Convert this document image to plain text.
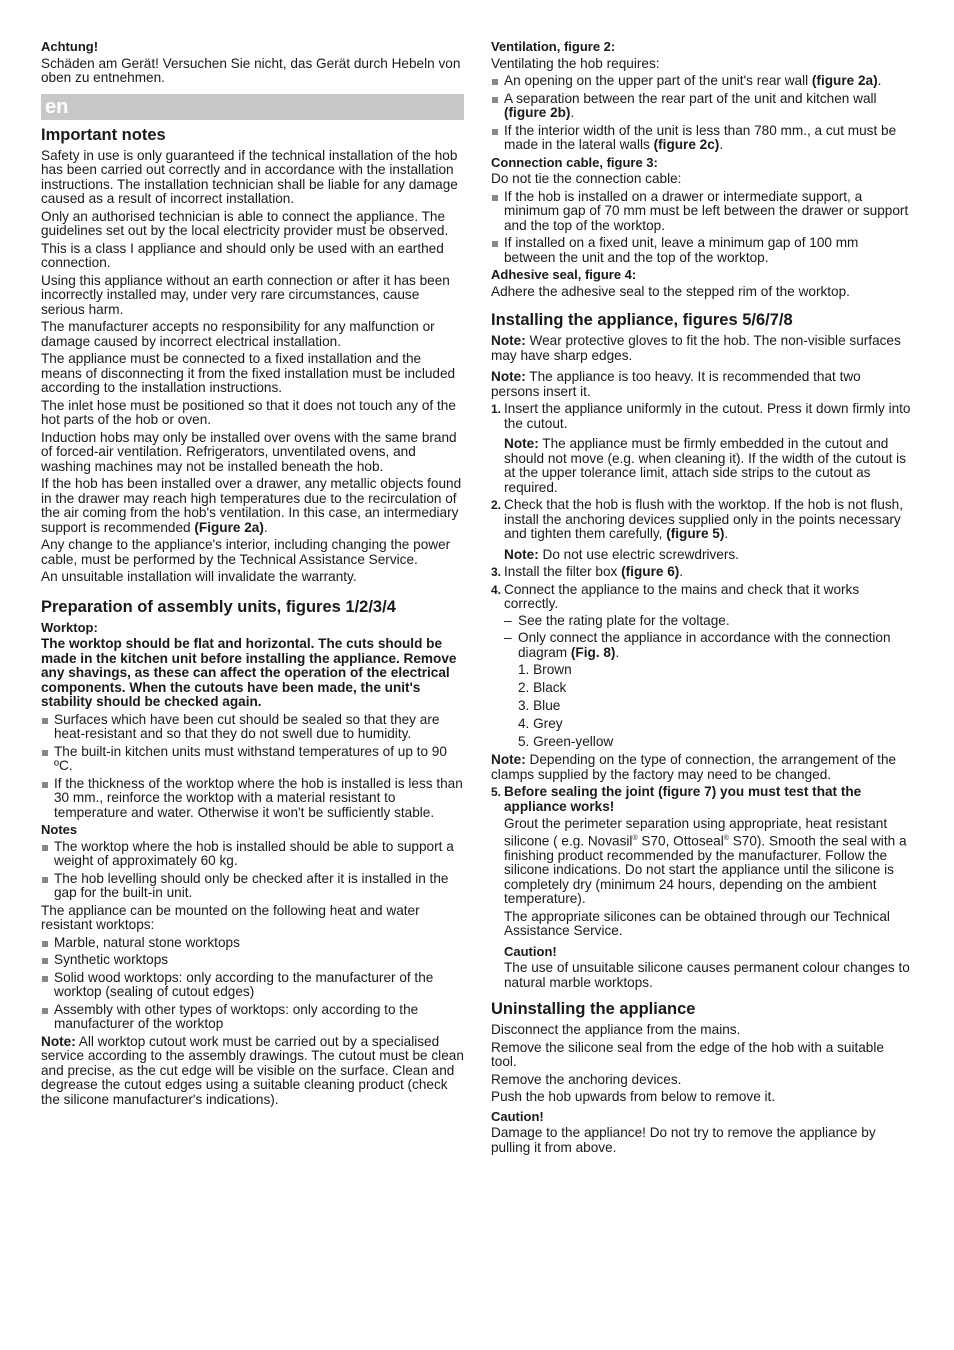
Achtung!

Schäden am Gerät! Versuchen Sie nicht, das Gerät durch Hebeln von oben zu entnehmen.

en
Important notes

Safety in use is only guaranteed if the technical installation of the hob has been carried out correctly and in accordance with the installation instructions. The installation technician shall be liable for any damage caused as a result of incorrect installation.

Only an authorised technician is able to connect the appliance. The guidelines set out by the local electricity provider must be observed.

This is a class I appliance and should only be used with an earthed connection.

Using this appliance without an earth connection or after it has been incorrectly installed may, under very rare circumstances, cause serious harm.

The manufacturer accepts no responsibility for any malfunction or damage caused by incorrect electrical installation.

The appliance must be connected to a fixed installation and the means of disconnecting it from the fixed installation must be included according to the installation instructions.

The inlet hose must be positioned so that it does not touch any of the hot parts of the hob or oven.

Induction hobs may only be installed over ovens with the same brand of forced-air ventilation. Refrigerators, unventilated ovens, and washing machines may not be installed beneath the hob.

If the hob has been installed over a drawer, any metallic objects found in the drawer may reach high temperatures due to the recirculation of the air coming from the hob's ventilation. In this case, an intermediary support is recommended (Figure 2a).

Any change to the appliance's interior, including changing the power cable, must be performed by the Technical Assistance Service.

An unsuitable installation will invalidate the warranty.

Preparation of assembly units, figures 1/2/3/4

Worktop:

The worktop should be flat and horizontal. The cuts should be made in the kitchen unit before installing the appliance. Remove any shavings, as these can affect the operation of the electrical components. When the cutouts have been made, the unit's stability should be checked again.

Surfaces which have been cut should be sealed so that they are heat-resistant and so that they do not swell due to humidity.
The built-in kitchen units must withstand temperatures of up to 90 ºC.
If the thickness of the worktop where the hob is installed is less than 30 mm., reinforce the worktop with a material resistant to temperature and water. Otherwise it won't be sufficiently stable.

Notes

The worktop where the hob is installed should be able to support a weight of approximately 60 kg.
The hob levelling should only be checked after it is installed in the gap for the built-in unit.

The appliance can be mounted on the following heat and water resistant worktops:

Marble, natural stone worktops
Synthetic worktops
Solid wood worktops: only according to the manufacturer of the worktop (sealing of cutout edges)
Assembly with other types of worktops: only according to the manufacturer of the worktop

Note: All worktop cutout work must be carried out by a specialised service according to the assembly drawings. The cutout must be clean and precise, as the cut edge will be visible on the surface. Clean and degrease the cutout edges using a suitable cleaning product (check the silicone manufacturer's indications).

Ventilation, figure 2:

Ventilating the hob requires:

An opening on the upper part of the unit's rear wall (figure 2a).
A separation between the rear part of the unit and kitchen wall (figure 2b).
If the interior width of the unit is less than 780 mm., a cut must be made in the lateral walls (figure 2c).

Connection cable, figure 3:

Do not tie the connection cable:

If the hob is installed on a drawer or intermediate support, a minimum gap of 70 mm must be left between the drawer or support and the top of the worktop.
If installed on a fixed unit, leave a minimum gap of 100 mm between the unit and the top of the worktop.

Adhesive seal, figure 4:

Adhere the adhesive seal to the stepped rim of the worktop.

Installing the appliance, figures 5/6/7/8

Note: Wear protective gloves to fit the hob. The non-visible surfaces may have sharp edges.

Note: The appliance is too heavy. It is recommended that two persons insert it.

1. Insert the appliance uniformly in the cutout. Press it down firmly into the cutout.

Note: The appliance must be firmly embedded in the cutout and should not move (e.g. when cleaning it). If the width of the cutout is at the upper tolerance limit, attach side strips to the cutout as required.

2. Check that the hob is flush with the worktop. If the hob is not flush, install the anchoring devices supplied only in the points necessary and tighten them carefully, (figure 5).

Note: Do not use electric screwdrivers.

3. Install the filter box (figure 6).
4. Connect the appliance to the mains and check that it works correctly.
– See the rating plate for the voltage.
– Only connect the appliance in accordance with the connection diagram (Fig. 8).
1. Brown
2. Black
3. Blue
4. Grey
5. Green-yellow

Note: Depending on the type of connection, the arrangement of the clamps supplied by the factory may need to be changed.

5. Before sealing the joint (figure 7) you must test that the appliance works!

Grout the perimeter separation using appropriate, heat resistant silicone ( e.g. Novasil® S70, Ottoseal® S70). Smooth the seal with a finishing product recommended by the manufacturer. Follow the silicone indications. Do not start the appliance until the silicone is completely dry (minimum 24 hours, depending on the ambient temperature).

The appropriate silicones can be obtained through our Technical Assistance Service.

Caution!

The use of unsuitable silicone causes permanent colour changes to natural marble worktops.

Uninstalling the appliance

Disconnect the appliance from the mains.

Remove the silicone seal from the edge of the hob with a suitable tool.

Remove the anchoring devices.

Push the hob upwards from below to remove it.

Caution!

Damage to the appliance! Do not try to remove the appliance by pulling it from above.
